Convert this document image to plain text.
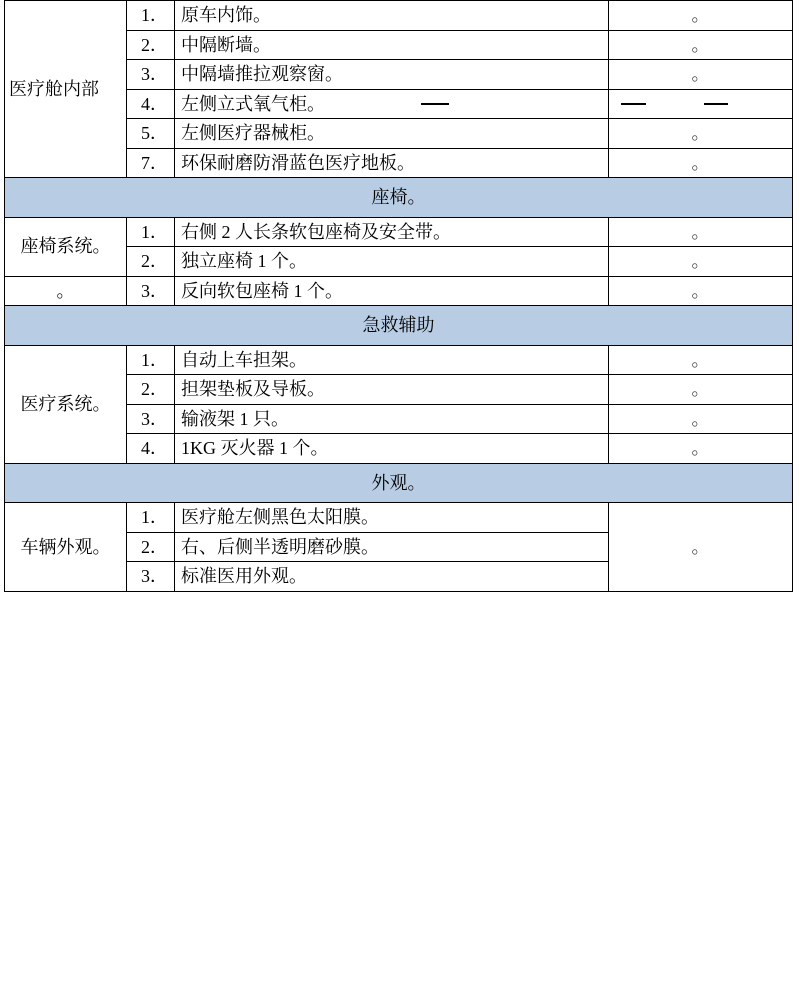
医疗舱内部	1．	原车内饰。	。
	2．	中隔断墙。	。
	3．	中隔墙推拉观察窗。	。
	4．	左侧立式氧气柜。	

	5．	左侧医疗器械柜。	。
	7．	环保耐磨防滑蓝色医疗地板。	。
座椅。			
座椅系统。	1．	右侧 2 人长条软包座椅及安全带。	。
	2．	独立座椅 1 个。	。
。	3．	反向软包座椅 1 个。	。
急救辅助			
医疗系统。	1．	自动上车担架。	。
	2．	担架垫板及导板。	。
	3．	输液架 1 只。	。
	4．	1KG 灭火器 1 个。	。
外观。			
车辆外观。	1．	医疗舱左侧黑色太阳膜。	。
	2．	右、后侧半透明磨砂膜。	
	3．	标准医用外观。	
